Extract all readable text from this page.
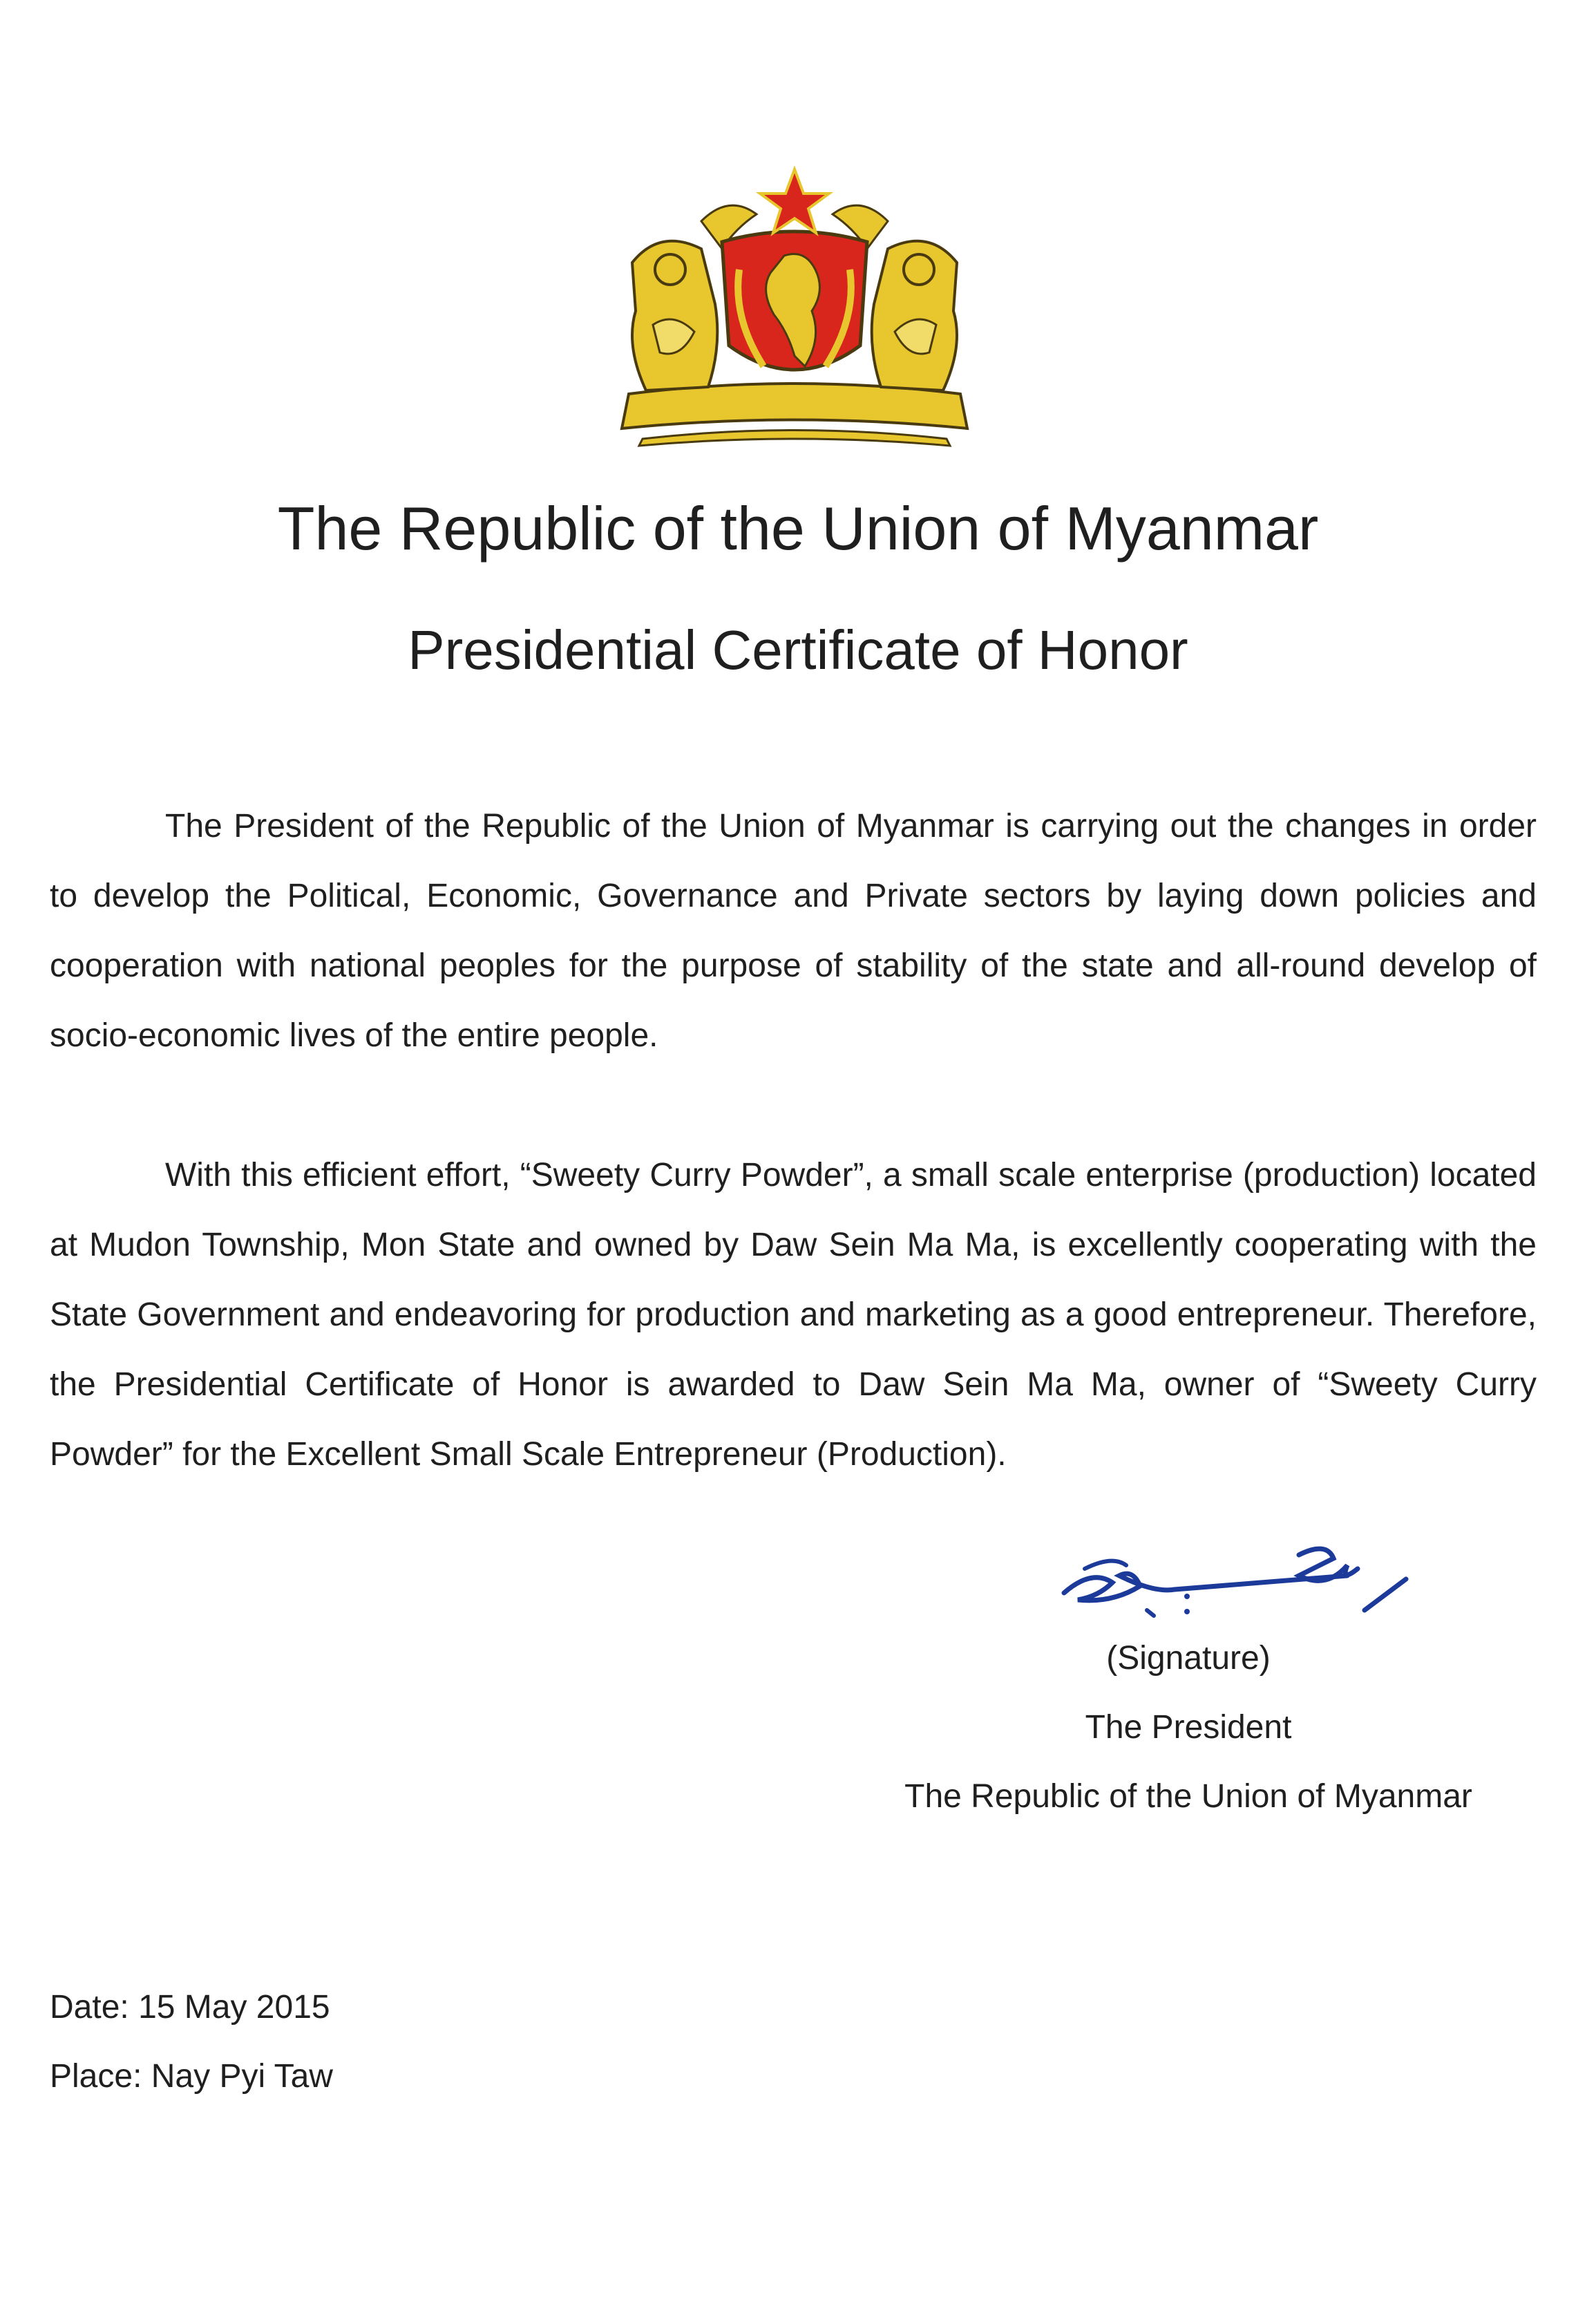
The Republic of the Union of Myanmar
Presidential Certificate of Honor

The President of the Republic of the Union of Myanmar is carrying out the changes in order to develop the Political, Economic, Governance and Private sectors by laying down policies and cooperation with national peoples for the purpose of stability of the state and all-round develop of socio-economic lives of the entire people.

With this efficient effort, “Sweety Curry Powder”, a small scale enterprise (production) located at Mudon Township, Mon State and owned by Daw Sein Ma Ma, is excellently cooperating with the State Government and endeavoring for production and marketing as a good entrepreneur. Therefore, the Presidential Certificate of Honor is awarded to Daw Sein Ma Ma, owner of “Sweety Curry Powder” for the Excellent Small Scale Entrepreneur (Production).

(Signature)
The President
The Republic of the Union of Myanmar
Date: 15 May 2015
Place: Nay Pyi Taw
